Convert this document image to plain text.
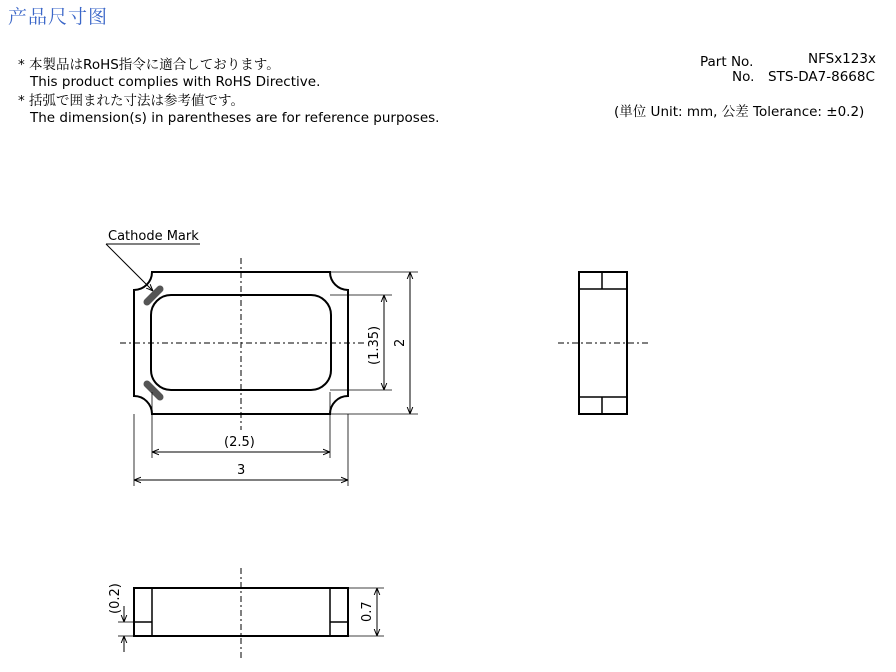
产品尺寸图
* 本製品はRoHS指令に適合しております。
This product complies with RoHS Directive.
* 括弧で囲まれた寸法は参考値です。
The dimension(s) in parentheses are for reference purposes.
Part No.	NFSx123x
No. STS-DA7-8668C
(単位 Unit: mm, 公差 Tolerance: ±0.2)
Cathode Mark
(2.5)
3
(1.35) 2
(0.2)	0.7
